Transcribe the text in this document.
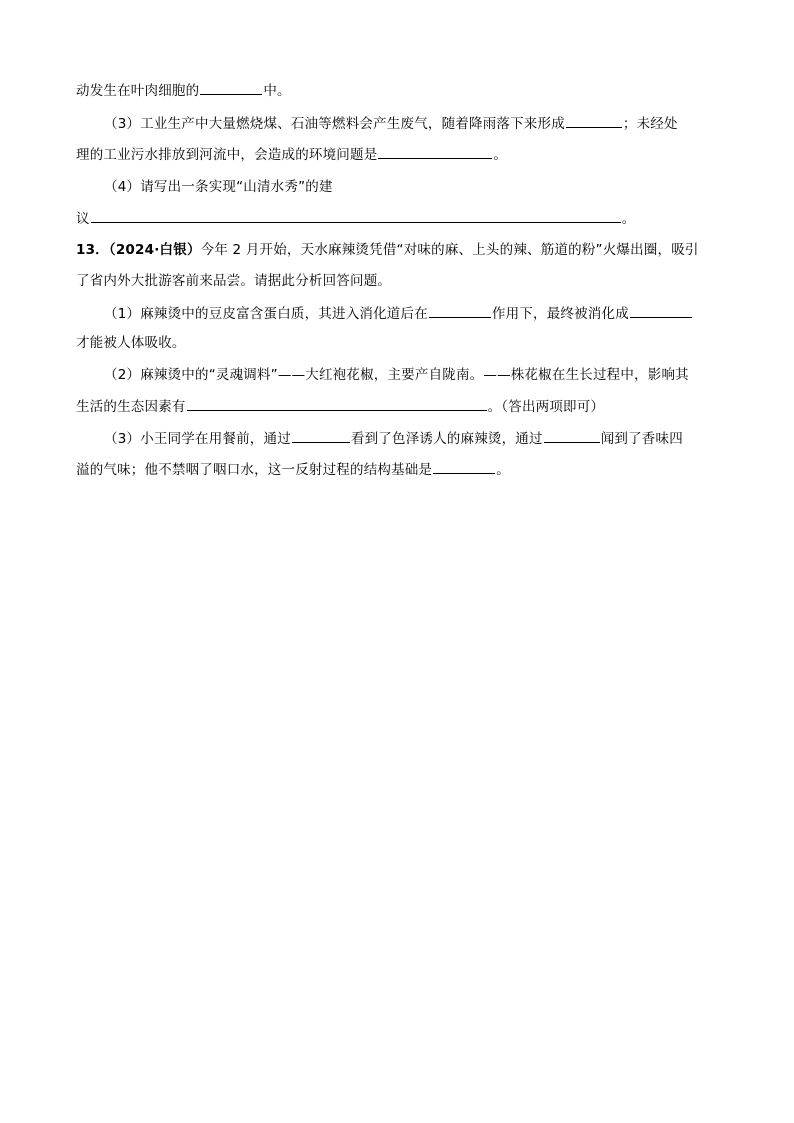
动发生在叶肉细胞的	中。
（3）工业生产中大量燃烧煤、石油等燃料会产生废气，随着降雨落下来形成	；未经处
理的工业污水排放到河流中，会造成的环境问题是	。
（4）请写出一条实现“山清水秀”的建
议	。
13．（2024·白银）今年 2 月开始，天水麻辣烫凭借“对味的麻、上头的辣、筋道的粉”火爆出圈，吸引
了省内外大批游客前来品尝。请据此分析回答问题。
（1）麻辣烫中的豆皮富含蛋白质，其进入消化道后在	作用下，最终被消化成
才能被人体吸收。
（2）麻辣烫中的“灵魂调料”——大红袍花椒，主要产自陇南。——株花椒在生长过程中，影响其
生活的生态因素有	。（答出两项即可）
（3）小王同学在用餐前，通过	看到了色泽诱人的麻辣烫，通过	闻到了香味四
溢的气味；他不禁咽了咽口水，这一反射过程的结构基础是	。
